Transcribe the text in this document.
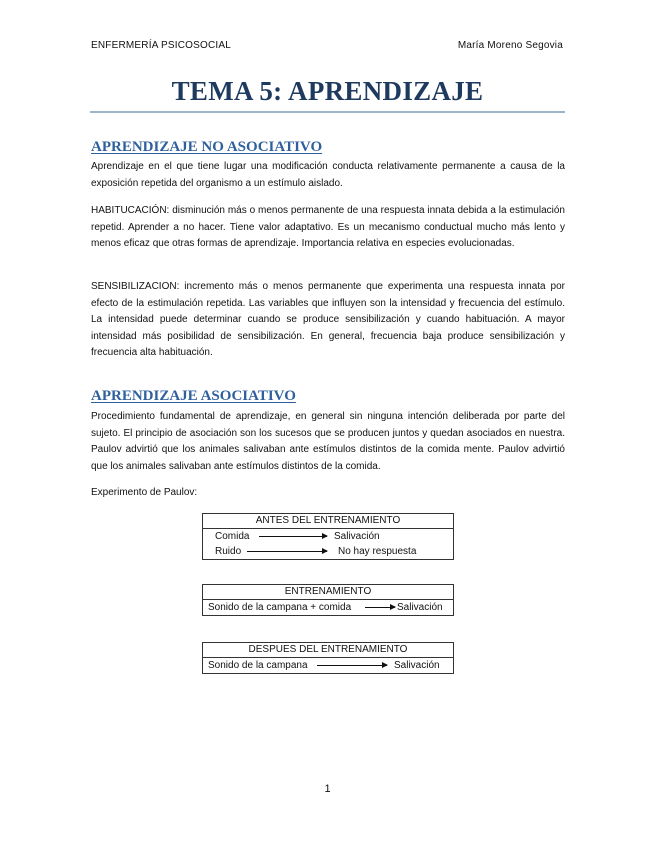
ENFERMERÍA PSICOSOCIAL	María Moreno Segovia
TEMA 5: APRENDIZAJE
APRENDIZAJE NO ASOCIATIVO

Aprendizaje en el que tiene lugar una modificación conducta relativamente permanente a causa de la exposición repetida del organismo a un estímulo aislado.

HABITUCACIÓN: disminución más o menos permanente de una respuesta innata debida a la estimulación repetid. Aprender a no hacer. Tiene valor adaptativo. Es un mecanismo conductual mucho más lento y menos eficaz que otras formas de aprendizaje. Importancia relativa en especies evolucionadas.

SENSIBILIZACION: incremento más o menos permanente que experimenta una respuesta innata por efecto de la estimulación repetida. Las variables que influyen son la intensidad y frecuencia del estímulo. La intensidad puede determinar cuando se produce sensibilización y cuando habituación. A mayor intensidad más posibilidad de sensibilización. En general, frecuencia baja produce sensibilización y frecuencia alta habituación.

APRENDIZAJE ASOCIATIVO

Procedimiento fundamental de aprendizaje, en general sin ninguna intención deliberada por parte del sujeto. El principio de asociación son los sucesos que se producen juntos y quedan asociados en nuestra. Paulov advirtió que los animales salivaban ante estímulos distintos de la comida mente. Paulov advirtió que los animales salivaban ante estímulos distintos de la comida.

Experimento de Paulov:

ANTES DEL ENTRENAMIENTO
Comida	Salivación
Ruido	No hay respuesta
ENTRENAMIENTO
Sonido de la campana + comida	Salivación
DESPUES DEL ENTRENAMIENTO
Sonido de la campana	Salivación
1
